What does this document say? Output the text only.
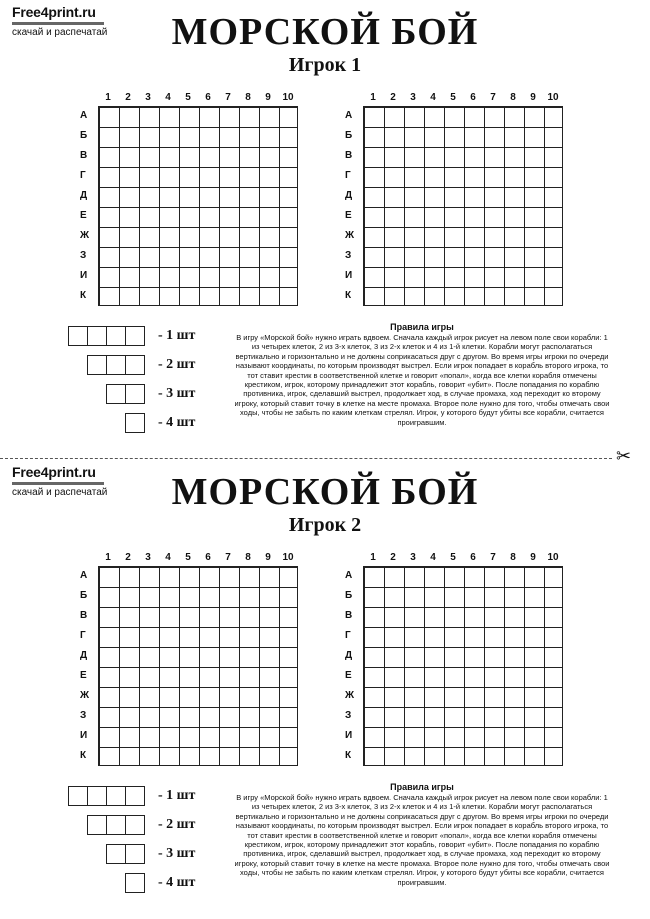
Free4print.ru
скачай и распечатай	МОРСКОЙ БОЙ
Игрок 1
1	2	3	4	5	6	7	8	9	10
А
Б
В
Г
Д
Е
Ж
З
И
К
1	2	3	4	5	6	7	8	9	10
А
Б
В
Г
Д
Е
Ж
З
И
К
- 1 шт
- 2 шт
- 3 шт
- 4 шт
Правила игры
В игру «Морской бой» нужно играть вдвоем. Сначала каждый игрок рисует на левом поле свои корабли: 1 из четырех клеток, 2 из 3-х клеток, 3 из 2-х клеток и 4 из 1-й клетки. Корабли могут располагаться вертикально и горизонтально и не должны соприкасаться друг с другом. Во время игры игроки по очереди называют координаты, по которым производят выстрел. Если игрок попадает в корабль второго игрока, то тот ставит крестик в соответственной клетке и говорит «попал», когда все клетки корабля отмечены крестиком, игрок, которому принадлежит этот корабль, говорит «убит». После попадания по кораблю противника, игрок, сделавший выстрел, продолжает ход, в случае промаха, ход переходит ко второму игроку, который ставит точку в клетке на месте промаха. Второе поле нужно для того, чтобы отмечать свои ходы, чтобы не забыть по каким клеткам стрелял. Игрок, у которого будут убиты все корабли, считается проигравшим.
✂
Free4print.ru
скачай и распечатай	МОРСКОЙ БОЙ
Игрок 2
1	2	3	4	5	6	7	8	9	10
А
Б
В
Г
Д
Е
Ж
З
И
К
1	2	3	4	5	6	7	8	9	10
А
Б
В
Г
Д
Е
Ж
З
И
К
- 1 шт
- 2 шт
- 3 шт
- 4 шт
Правила игры
В игру «Морской бой» нужно играть вдвоем. Сначала каждый игрок рисует на левом поле свои корабли: 1 из четырех клеток, 2 из 3-х клеток, 3 из 2-х клеток и 4 из 1-й клетки. Корабли могут располагаться вертикально и горизонтально и не должны соприкасаться друг с другом. Во время игры игроки по очереди называют координаты, по которым производят выстрел. Если игрок попадает в корабль второго игрока, то тот ставит крестик в соответственной клетке и говорит «попал», когда все клетки корабля отмечены крестиком, игрок, которому принадлежит этот корабль, говорит «убит». После попадания по кораблю противника, игрок, сделавший выстрел, продолжает ход, в случае промаха, ход переходит ко второму игроку, который ставит точку в клетке на месте промаха. Второе поле нужно для того, чтобы отмечать свои ходы, чтобы не забыть по каким клеткам стрелял. Игрок, у которого будут убиты все корабли, считается проигравшим.
